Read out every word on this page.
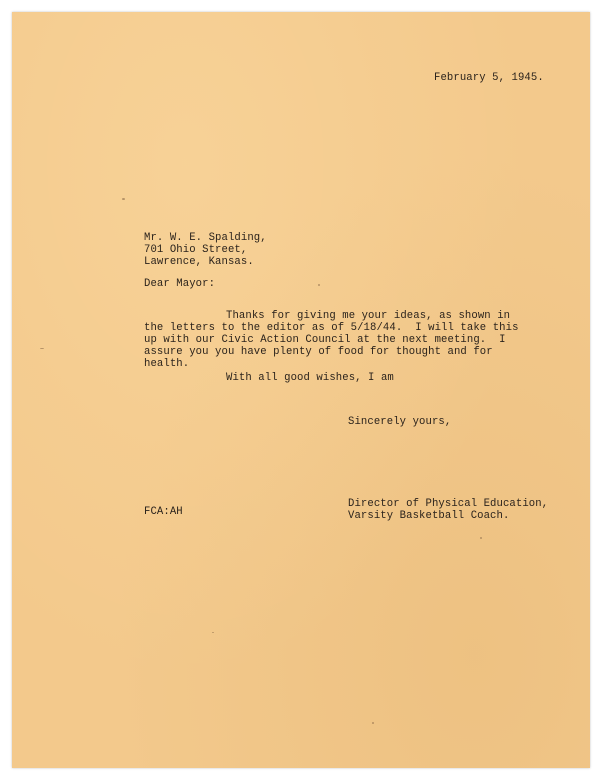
February 5, 1945.
Mr. W. E. Spalding,
701 Ohio Street,
Lawrence, Kansas.
Dear Mayor:
Thanks for giving me your ideas, as shown in
the letters to the editor as of 5/18/44.  I will take this
up with our Civic Action Council at the next meeting.  I
assure you you have plenty of food for thought and for
health.
With all good wishes, I am
Sincerely yours,
FCA:AH
Director of Physical Education,
Varsity Basketball Coach.
